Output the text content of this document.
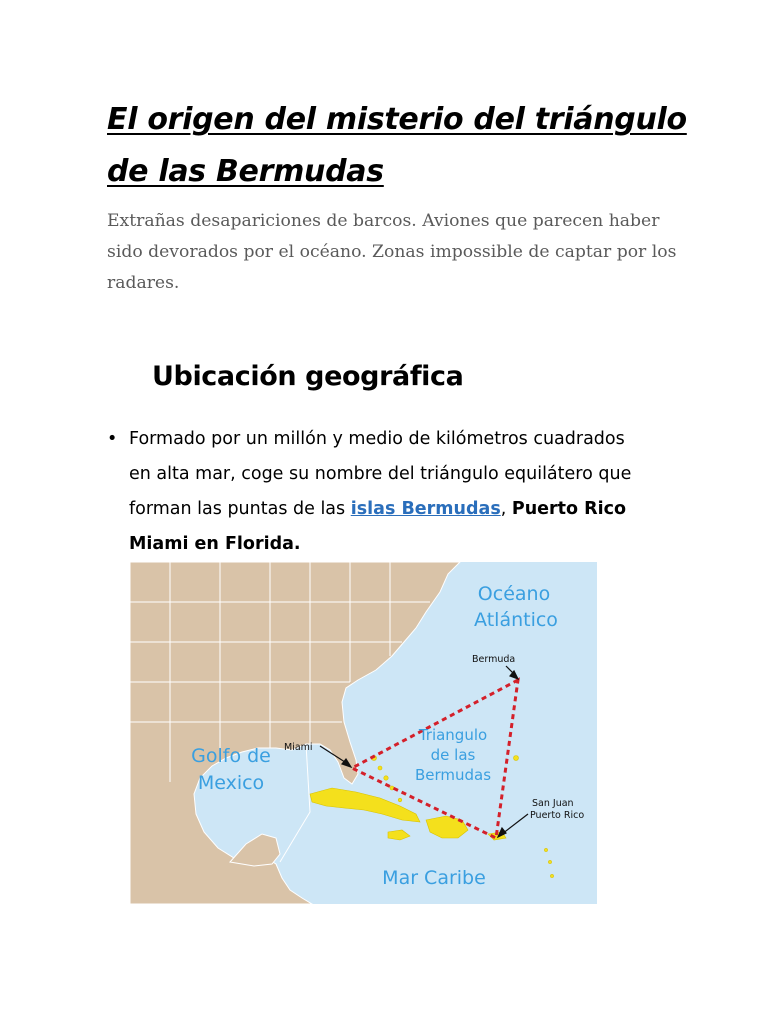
El origen del misterio del triángulo de las Bermudas

Extrañas desapariciones de barcos. Aviones que parecen haber sido devorados por el océano. Zonas impossible de captar por los radares.

Ubicación geográfica
• Formado por un millón y medio de kilómetros cuadrados en alta mar, coge su nombre del triángulo equilátero que forman las puntas de las islas Bermudas, Puerto Rico Miami en Florida.
Océano
Atlántico
Golfo de
Mexico
Mar Caribe
Triangulo
de las
Bermudas
Bermuda
Miami
San Juan
Puerto Rico
